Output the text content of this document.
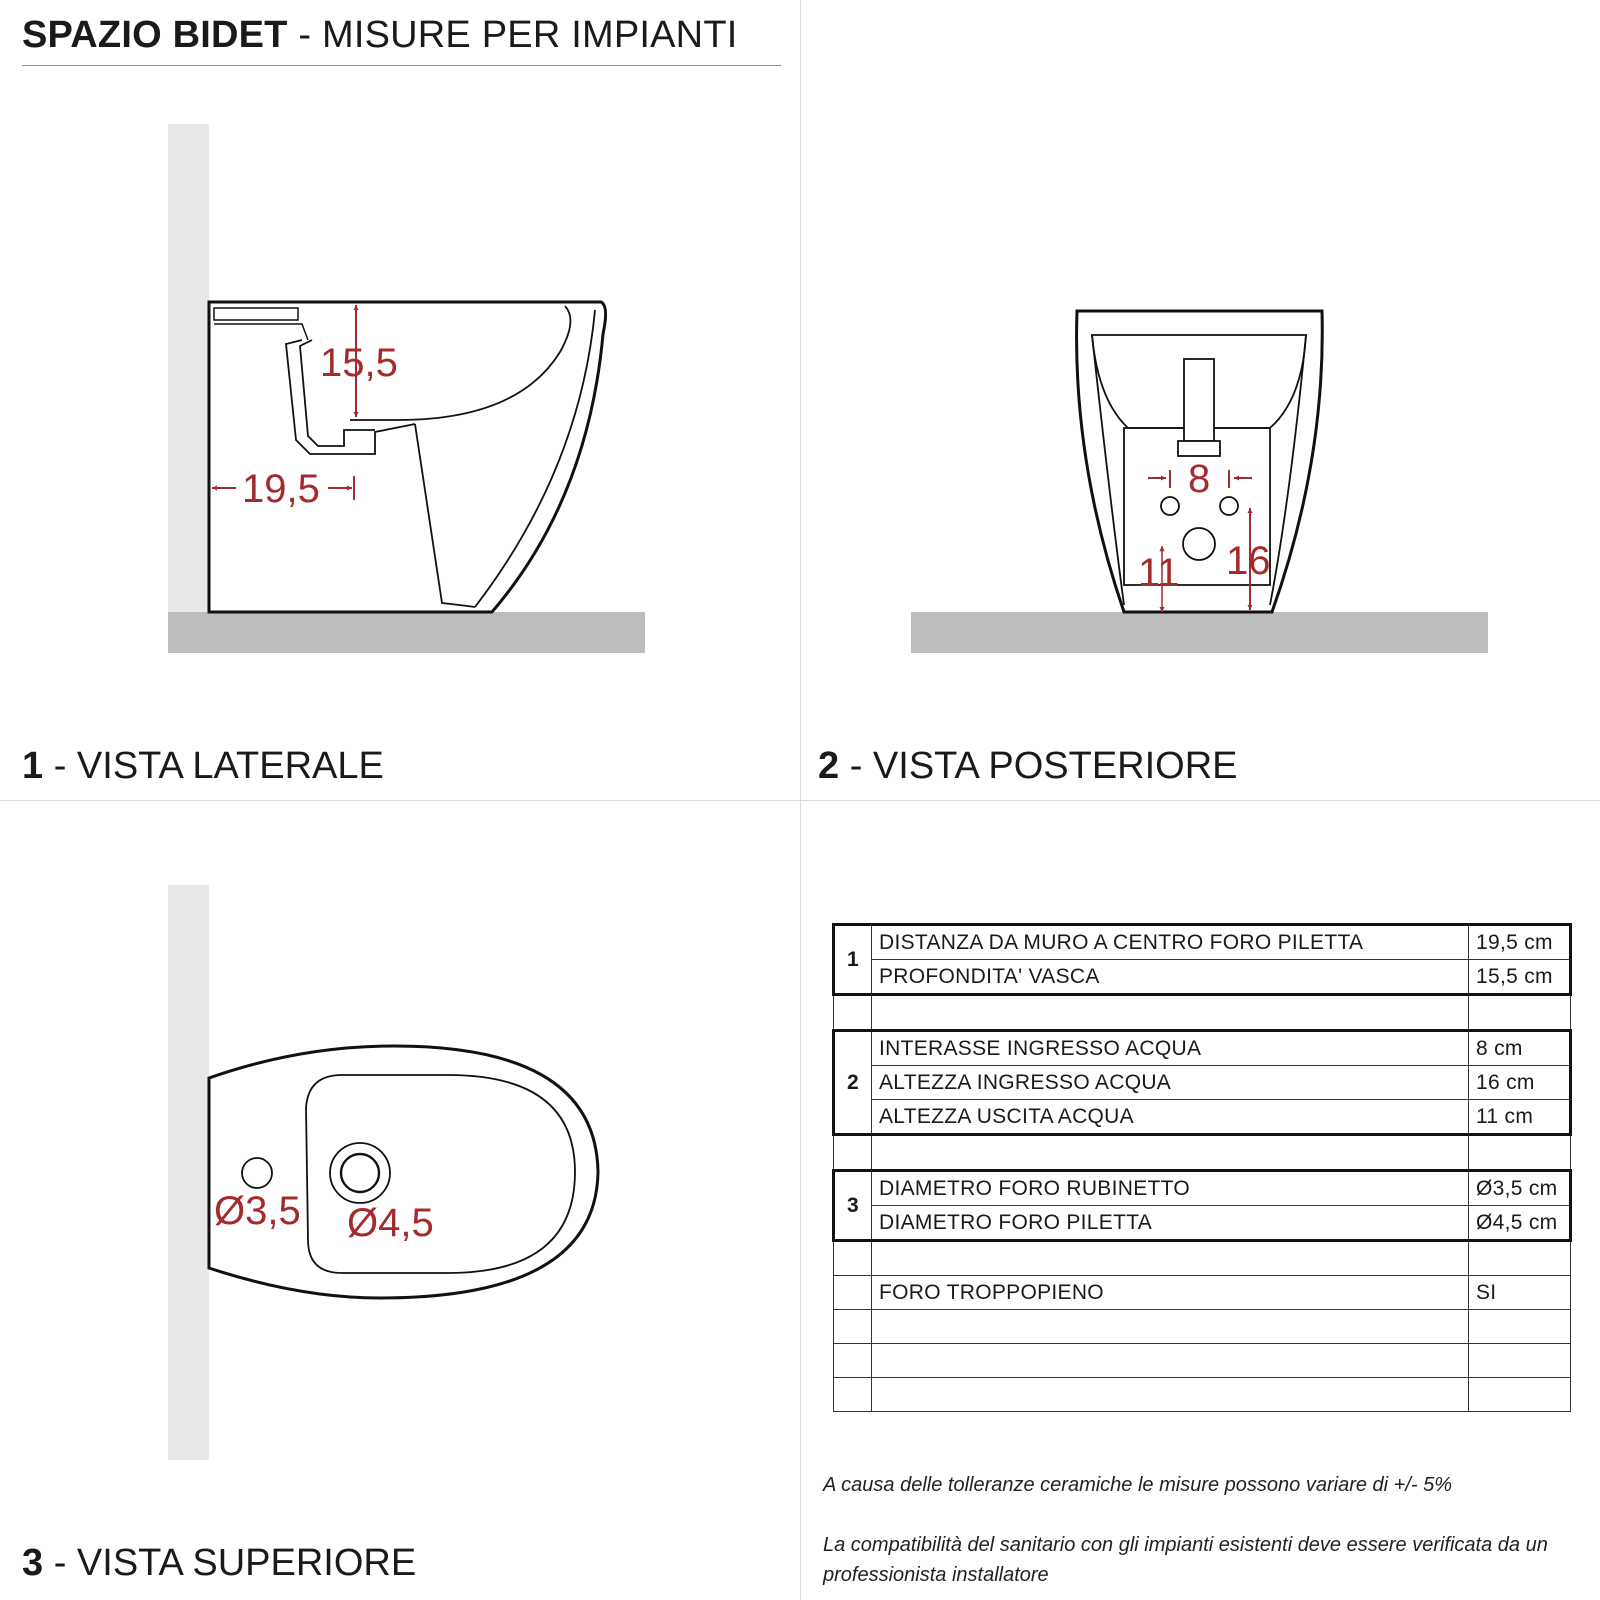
SPAZIO BIDET - MISURE PER IMPIANTI
15,5
19,5	8
11 16
Ø3,5 Ø4,5
1 - VISTA LATERALE	2 - VISTA POSTERIORE
3 - VISTA SUPERIORE
1	DISTANZA DA MURO A CENTRO FORO PILETTA	19,5 cm
	PROFONDITA' VASCA	15,5 cm

2	INTERASSE INGRESSO ACQUA	8 cm
	ALTEZZA INGRESSO ACQUA	16 cm
	ALTEZZA USCITA ACQUA	11 cm

3	DIAMETRO FORO RUBINETTO	Ø3,5 cm
	DIAMETRO FORO PILETTA	Ø4,5 cm

	FORO TROPPOPIENO	SI

A causa delle tolleranze ceramiche le misure possono variare di +/- 5%

La compatibilità del sanitario con gli impianti esistenti deve essere verificata da un professionista installatore
